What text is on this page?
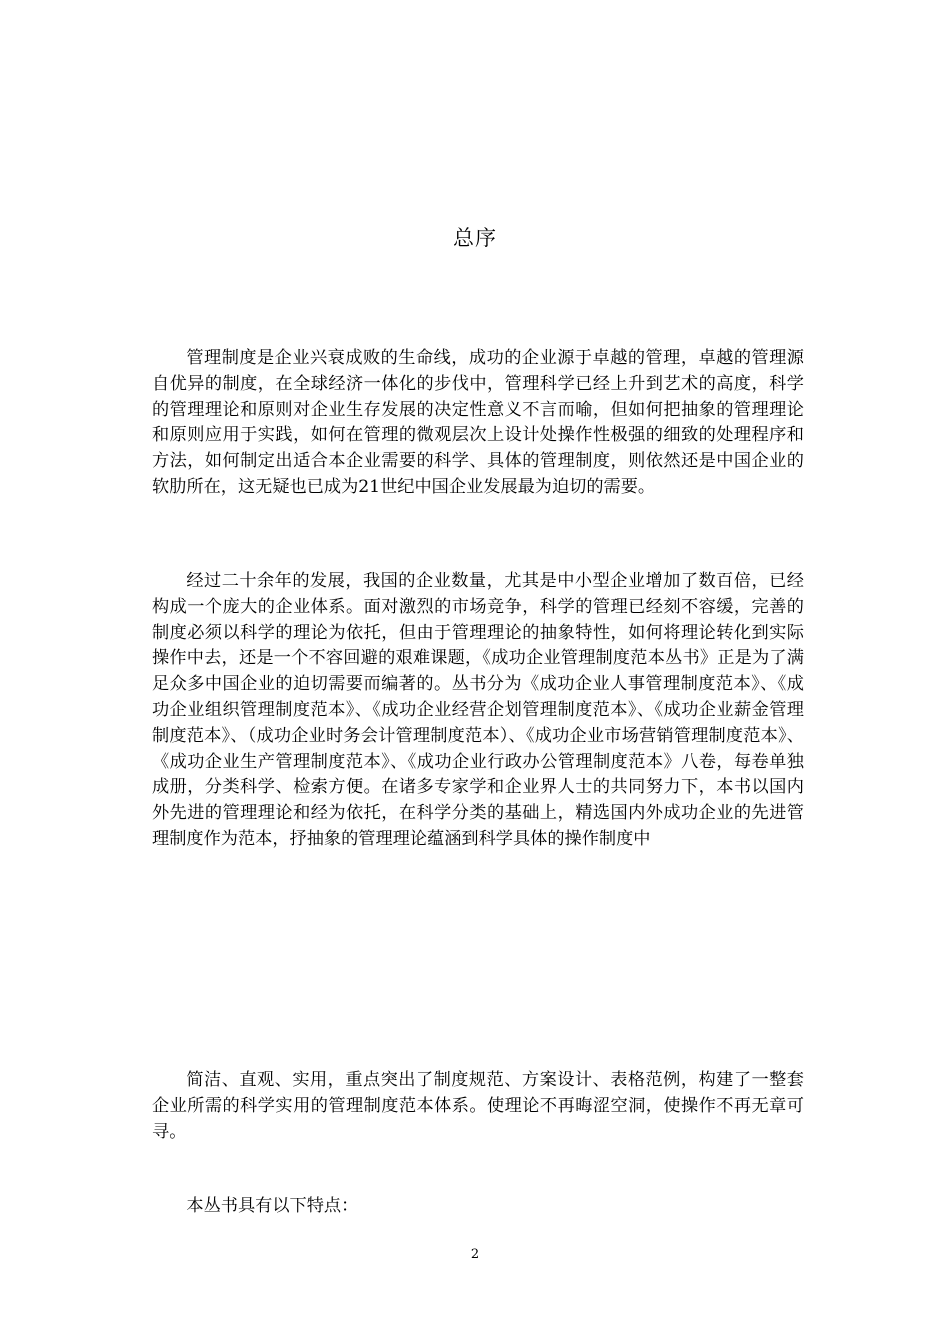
总序

管理制度是企业兴衰成败的生命线，成功的企业源于卓越的管理，卓越的管理源自优异的制度，在全球经济一体化的步伐中，管理科学已经上升到艺术的高度，科学的管理理论和原则对企业生存发展的决定性意义不言而喻，但如何把抽象的管理理论和原则应用于实践，如何在管理的微观层次上设计处操作性极强的细致的处理程序和方法，如何制定出适合本企业需要的科学、具体的管理制度，则依然还是中国企业的软肋所在，这无疑也已成为21世纪中国企业发展最为迫切的需要。

经过二十余年的发展，我国的企业数量，尤其是中小型企业增加了数百倍，已经构成一个庞大的企业体系。面对激烈的市场竞争，科学的管理已经刻不容缓，完善的制度必须以科学的理论为依托，但由于管理理论的抽象特性，如何将理论转化到实际操作中去，还是一个不容回避的艰难课题，《成功企业管理制度范本丛书》正是为了满足众多中国企业的迫切需要而编著的。丛书分为《成功企业人事管理制度范本》、《成功企业组织管理制度范本》、《成功企业经营企划管理制度范本》、《成功企业薪金管理制度范本》、（成功企业时务会计管理制度范本）、《成功企业市场营销管理制度范本》、《成功企业生产管理制度范本》、《成功企业行政办公管理制度范本》八卷，每卷单独成册，分类科学、检索方便。在诸多专家学和企业界人士的共同努力下，本书以国内外先进的管理理论和经为依托，在科学分类的基础上，精选国内外成功企业的先进管理制度作为范本，抒抽象的管理理论蕴涵到科学具体的操作制度中

简洁、直观、实用，重点突出了制度规范、方案设计、表格范例，构建了一整套企业所需的科学实用的管理制度范本体系。使理论不再晦涩空洞，使操作不再无章可寻。

本丛书具有以下特点：

2
